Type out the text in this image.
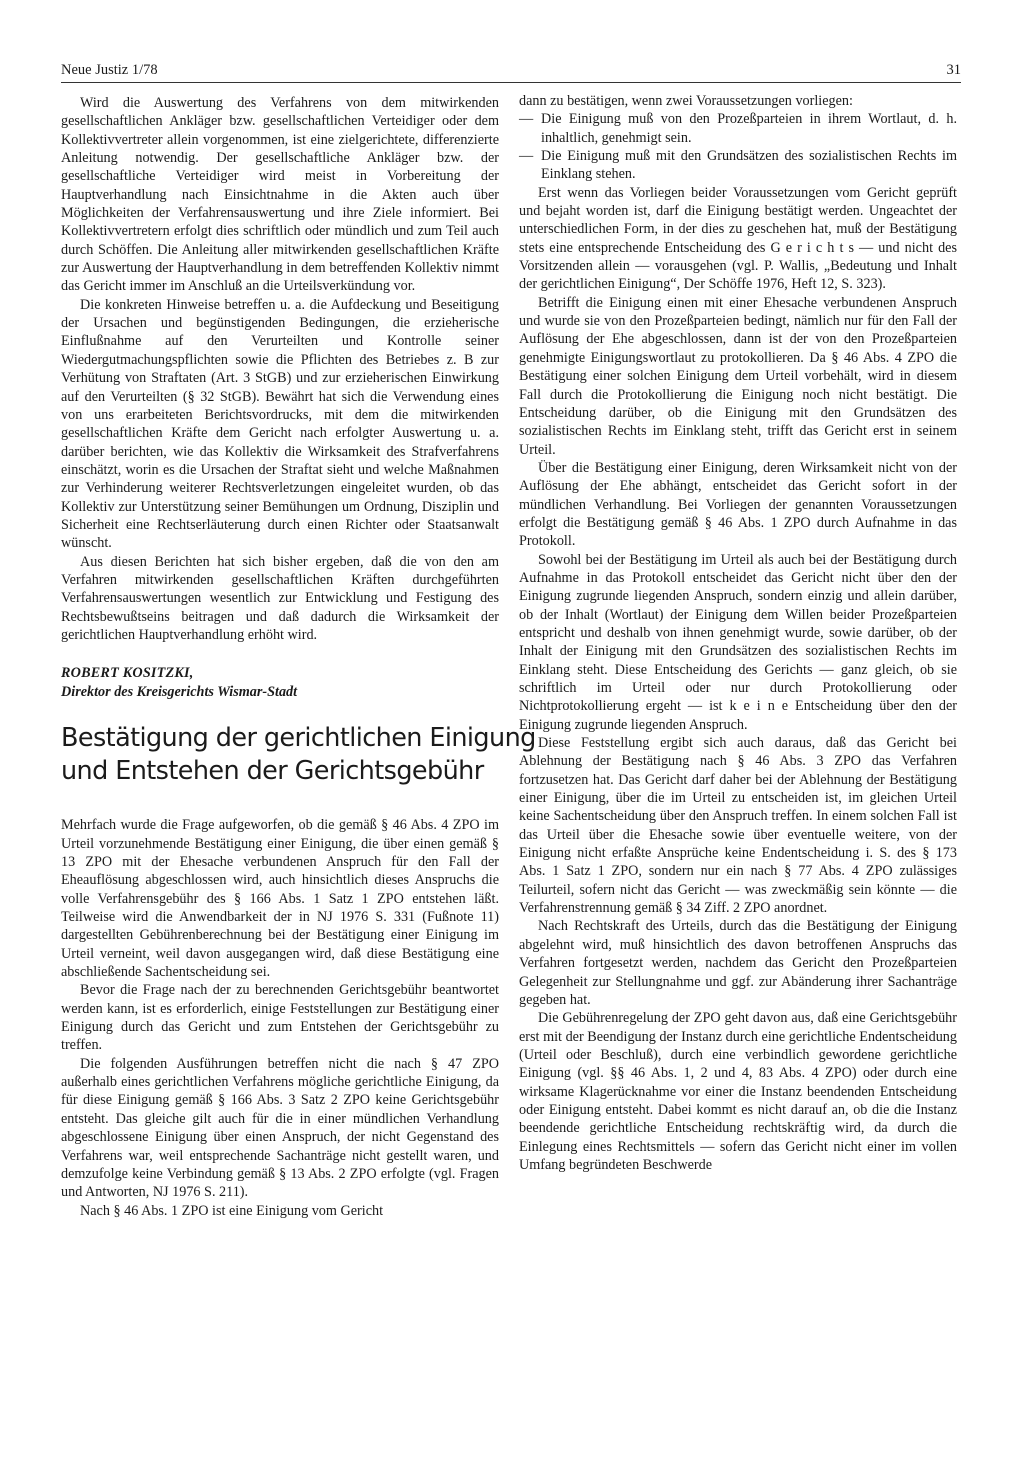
Neue Justiz 1/78	31

Wird die Auswertung des Verfahrens von dem mitwirkenden gesellschaftlichen Ankläger bzw. gesellschaftlichen Verteidiger oder dem Kollektivvertreter allein vorgenommen, ist eine zielgerichtete, differenzierte Anleitung notwendig. Der gesellschaftliche Ankläger bzw. der gesellschaftliche Verteidiger wird meist in Vorbereitung der Hauptverhandlung nach Einsichtnahme in die Akten auch über Möglichkeiten der Verfahrensauswertung und ihre Ziele informiert. Bei Kollektivvertretern erfolgt dies schriftlich oder mündlich und zum Teil auch durch Schöffen. Die Anleitung aller mitwirkenden gesellschaftlichen Kräfte zur Auswertung der Hauptverhandlung in dem betreffenden Kollektiv nimmt das Gericht immer im Anschluß an die Urteilsverkündung vor.

Die konkreten Hinweise betreffen u. a. die Aufdeckung und Beseitigung der Ursachen und begünstigenden Bedingungen, die erzieherische Einflußnahme auf den Verurteilten und Kontrolle seiner Wiedergutmachungspflichten sowie die Pflichten des Betriebes z. B zur Verhütung von Straftaten (Art. 3 StGB) und zur erzieherischen Einwirkung auf den Verurteilten (§ 32 StGB). Bewährt hat sich die Verwendung eines von uns erarbeiteten Berichtsvordrucks, mit dem die mitwirkenden gesellschaftlichen Kräfte dem Gericht nach erfolgter Auswertung u. a. darüber berichten, wie das Kollektiv die Wirksamkeit des Strafverfahrens einschätzt, worin es die Ursachen der Straftat sieht und welche Maßnahmen zur Verhinderung weiterer Rechtsverletzungen eingeleitet wurden, ob das Kollektiv zur Unterstützung seiner Bemühungen um Ordnung, Disziplin und Sicherheit eine Rechtserläuterung durch einen Richter oder Staatsanwalt wünscht.

Aus diesen Berichten hat sich bisher ergeben, daß die von den am Verfahren mitwirkenden gesellschaftlichen Kräften durchgeführten Verfahrensauswertungen wesentlich zur Entwicklung und Festigung des Rechtsbewußtseins beitragen und daß dadurch die Wirksamkeit der gerichtlichen Hauptverhandlung erhöht wird.

ROBERT KOSITZKI,
Direktor des Kreisgerichts Wismar-Stadt
Bestätigung der gerichtlichen Einigung
und Entstehen der Gerichtsgebühr

Mehrfach wurde die Frage aufgeworfen, ob die gemäß § 46 Abs. 4 ZPO im Urteil vorzunehmende Bestätigung einer Einigung, die über einen gemäß § 13 ZPO mit der Ehesache verbundenen Anspruch für den Fall der Eheauflösung abgeschlossen wird, auch hinsichtlich dieses Anspruchs die volle Verfahrensgebühr des § 166 Abs. 1 Satz 1 ZPO entstehen läßt. Teilweise wird die Anwendbarkeit der in NJ 1976 S. 331 (Fußnote 11) dargestellten Gebührenberechnung bei der Bestätigung einer Einigung im Urteil verneint, weil davon ausgegangen wird, daß diese Bestätigung eine abschließende Sachentscheidung sei.

Bevor die Frage nach der zu berechnenden Gerichtsgebühr beantwortet werden kann, ist es erforderlich, einige Feststellungen zur Bestätigung einer Einigung durch das Gericht und zum Entstehen der Gerichtsgebühr zu treffen.

Die folgenden Ausführungen betreffen nicht die nach § 47 ZPO außerhalb eines gerichtlichen Verfahrens mögliche gerichtliche Einigung, da für diese Einigung gemäß § 166 Abs. 3 Satz 2 ZPO keine Gerichtsgebühr entsteht. Das gleiche gilt auch für die in einer mündlichen Verhandlung abgeschlossene Einigung über einen Anspruch, der nicht Gegenstand des Verfahrens war, weil entsprechende Sachanträge nicht gestellt waren, und demzufolge keine Verbindung gemäß § 13 Abs. 2 ZPO erfolgte (vgl. Fragen und Antworten, NJ 1976 S. 211).

Nach § 46 Abs. 1 ZPO ist eine Einigung vom Gericht

dann zu bestätigen, wenn zwei Voraussetzungen vorliegen:

— Die Einigung muß von den Prozeßparteien in ihrem Wortlaut, d. h. inhaltlich, genehmigt sein.
— Die Einigung muß mit den Grundsätzen des sozialistischen Rechts im Einklang stehen.

Erst wenn das Vorliegen beider Voraussetzungen vom Gericht geprüft und bejaht worden ist, darf die Einigung bestätigt werden. Ungeachtet der unterschiedlichen Form, in der dies zu geschehen hat, muß der Bestätigung stets eine entsprechende Entscheidung des G e r i c h t s — und nicht des Vorsitzenden allein — vorausgehen (vgl. P. Wallis, „Bedeutung und Inhalt der gerichtlichen Einigung“, Der Schöffe 1976, Heft 12, S. 323).

Betrifft die Einigung einen mit einer Ehesache verbundenen Anspruch und wurde sie von den Prozeßparteien bedingt, nämlich nur für den Fall der Auflösung der Ehe abgeschlossen, dann ist der von den Prozeßparteien genehmigte Einigungswortlaut zu protokollieren. Da § 46 Abs. 4 ZPO die Bestätigung einer solchen Einigung dem Urteil vorbehält, wird in diesem Fall durch die Protokollierung die Einigung noch nicht bestätigt. Die Entscheidung darüber, ob die Einigung mit den Grundsätzen des sozialistischen Rechts im Einklang steht, trifft das Gericht erst in seinem Urteil.

Über die Bestätigung einer Einigung, deren Wirksamkeit nicht von der Auflösung der Ehe abhängt, entscheidet das Gericht sofort in der mündlichen Verhandlung. Bei Vorliegen der genannten Voraussetzungen erfolgt die Bestätigung gemäß § 46 Abs. 1 ZPO durch Aufnahme in das Protokoll.

Sowohl bei der Bestätigung im Urteil als auch bei der Bestätigung durch Aufnahme in das Protokoll entscheidet das Gericht nicht über den der Einigung zugrunde liegenden Anspruch, sondern einzig und allein darüber, ob der Inhalt (Wortlaut) der Einigung dem Willen beider Prozeßparteien entspricht und deshalb von ihnen genehmigt wurde, sowie darüber, ob der Inhalt der Einigung mit den Grundsätzen des sozialistischen Rechts im Einklang steht. Diese Entscheidung des Gerichts — ganz gleich, ob sie schriftlich im Urteil oder nur durch Protokollierung oder Nichtprotokollierung ergeht — ist k e i n e Entscheidung über den der Einigung zugrunde liegenden Anspruch.

Diese Feststellung ergibt sich auch daraus, daß das Gericht bei Ablehnung der Bestätigung nach § 46 Abs. 3 ZPO das Verfahren fortzusetzen hat. Das Gericht darf daher bei der Ablehnung der Bestätigung einer Einigung, über die im Urteil zu entscheiden ist, im gleichen Urteil keine Sachentscheidung über den Anspruch treffen. In einem solchen Fall ist das Urteil über die Ehesache sowie über eventuelle weitere, von der Einigung nicht erfaßte Ansprüche keine Endentscheidung i. S. des § 173 Abs. 1 Satz 1 ZPO, sondern nur ein nach § 77 Abs. 4 ZPO zulässiges Teilurteil, sofern nicht das Gericht — was zweckmäßig sein könnte — die Verfahrenstrennung gemäß § 34 Ziff. 2 ZPO anordnet.

Nach Rechtskraft des Urteils, durch das die Bestätigung der Einigung abgelehnt wird, muß hinsichtlich des davon betroffenen Anspruchs das Verfahren fortgesetzt werden, nachdem das Gericht den Prozeßparteien Gelegenheit zur Stellungnahme und ggf. zur Abänderung ihrer Sachanträge gegeben hat.

Die Gebührenregelung der ZPO geht davon aus, daß eine Gerichtsgebühr erst mit der Beendigung der Instanz durch eine gerichtliche Endentscheidung (Urteil oder Beschluß), durch eine verbindlich gewordene gerichtliche Einigung (vgl. §§ 46 Abs. 1, 2 und 4, 83 Abs. 4 ZPO) oder durch eine wirksame Klagerücknahme vor einer die Instanz beendenden Entscheidung oder Einigung entsteht. Dabei kommt es nicht darauf an, ob die die Instanz beendende gerichtliche Entscheidung rechtskräftig wird, da durch die Einlegung eines Rechtsmittels — sofern das Gericht nicht einer im vollen Umfang begründeten Beschwerde
